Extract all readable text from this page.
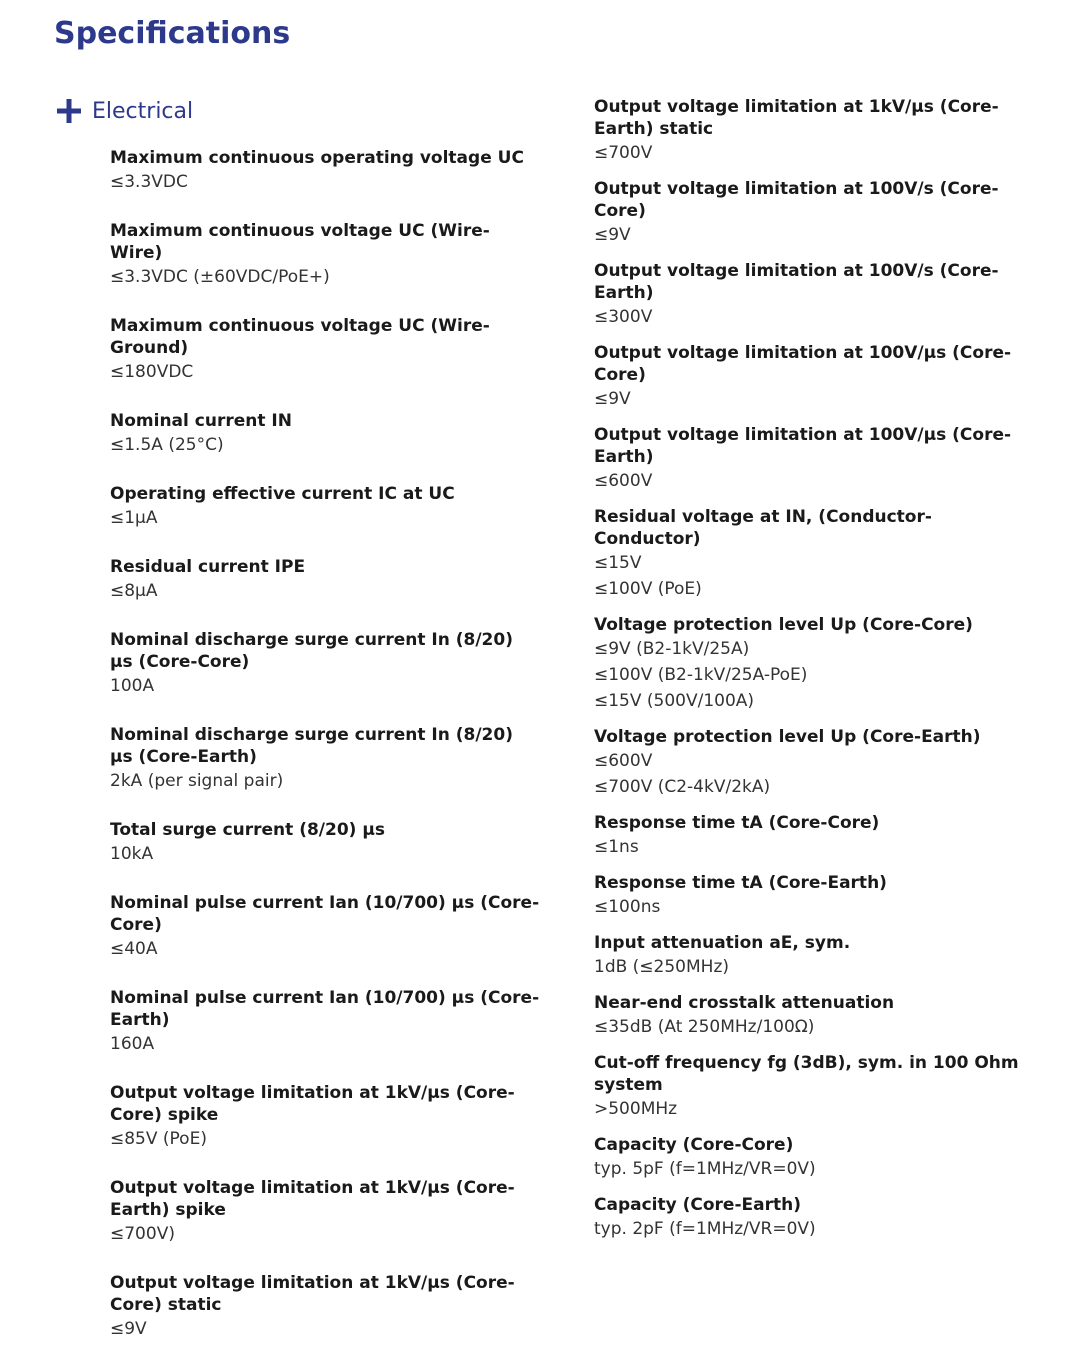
Specifications
Electrical
Maximum continuous operating voltage UC
≤3.3VDC
Maximum continuous voltage UC (Wire-Wire)
≤3.3VDC (±60VDC/PoE+)
Maximum continuous voltage UC (Wire-Ground)
≤180VDC
Nominal current IN
≤1.5A (25°C)
Operating effective current IC at UC
≤1μA
Residual current IPE
≤8μA
Nominal discharge surge current In (8/20) μs (Core-Core)
100A
Nominal discharge surge current In (8/20) μs (Core-Earth)
2kA (per signal pair)
Total surge current (8/20) μs
10kA
Nominal pulse current Ian (10/700) μs (Core-Core)
≤40A
Nominal pulse current Ian (10/700) μs (Core-Earth)
160A
Output voltage limitation at 1kV/μs (Core-Core) spike
≤85V (PoE)
Output voltage limitation at 1kV/μs (Core-Earth) spike
≤700V)
Output voltage limitation at 1kV/μs (Core-Core) static
≤9V
Output voltage limitation at 1kV/μs (Core-Earth) static
≤700V
Output voltage limitation at 100V/s (Core-Core)
≤9V
Output voltage limitation at 100V/s (Core-Earth)
≤300V
Output voltage limitation at 100V/μs (Core-Core)
≤9V
Output voltage limitation at 100V/μs (Core-Earth)
≤600V
Residual voltage at IN, (Conductor-Conductor)
≤15V
≤100V (PoE)
Voltage protection level Up (Core-Core)
≤9V (B2-1kV/25A)
≤100V (B2-1kV/25A-PoE)
≤15V (500V/100A)
Voltage protection level Up (Core-Earth)
≤600V
≤700V (C2-4kV/2kA)
Response time tA (Core-Core)
≤1ns
Response time tA (Core-Earth)
≤100ns
Input attenuation aE, sym.
1dB (≤250MHz)
Near-end crosstalk attenuation
≤35dB (At 250MHz/100Ω)
Cut-off frequency fg (3dB), sym. in 100 Ohm system
>500MHz
Capacity (Core-Core)
typ. 5pF (f=1MHz/VR=0V)
Capacity (Core-Earth)
typ. 2pF (f=1MHz/VR=0V)
